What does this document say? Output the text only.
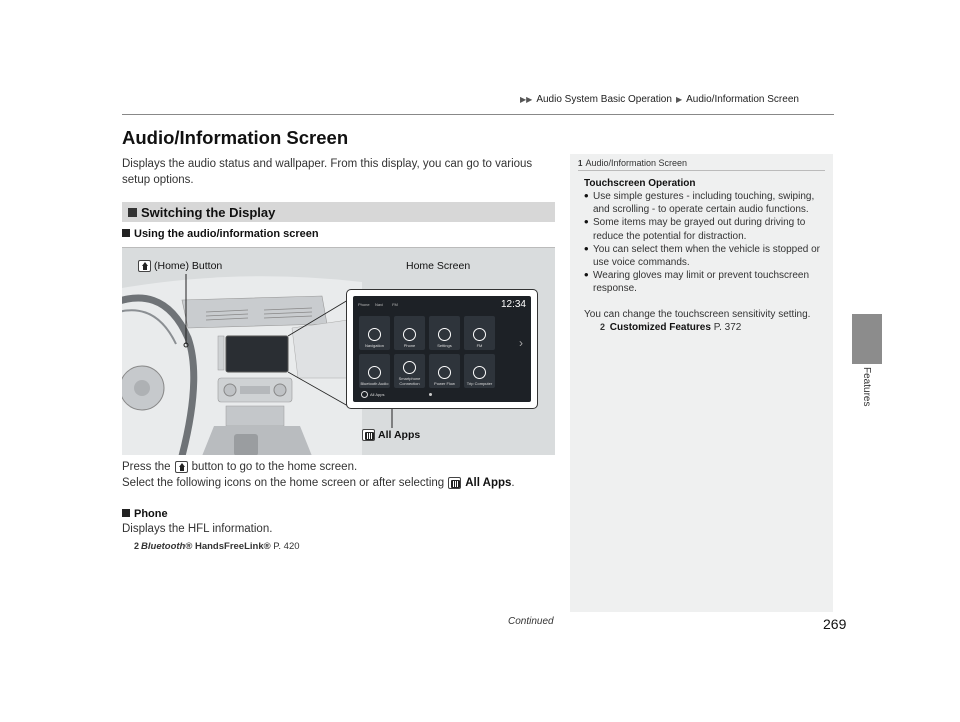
▶▶ Audio System Basic Operation ▶ Audio/Information Screen
Features
Audio/Information Screen

Displays the audio status and wallpaper. From this display, you can go to various setup options.

Switching the Display
Using the audio/information screen
(Home) Button	Home Screen
Phone Navi	FM	12:34
Navigation	Phone	Settings	FM
Bluetooth Audio
Smartphone Connection	Power Flow	Trip Computer
›
All Apps
All Apps
Press the button to go to the home screen.
Select the following icons on the home screen or after selecting All Apps .
Phone
Displays the HFL information.
2 Bluetooth® HandsFreeLink® P. 420
1 Audio/Information Screen
Touchscreen Operation
• Use simple gestures - including touching, swiping, and scrolling - to operate certain audio functions.
• Some items may be grayed out during driving to reduce the potential for distraction.
• You can select them when the vehicle is stopped or use voice commands.
• Wearing gloves may limit or prevent touchscreen response.

You can change the touchscreen sensitivity setting.

2 Customized Features P. 372
Continued	269
